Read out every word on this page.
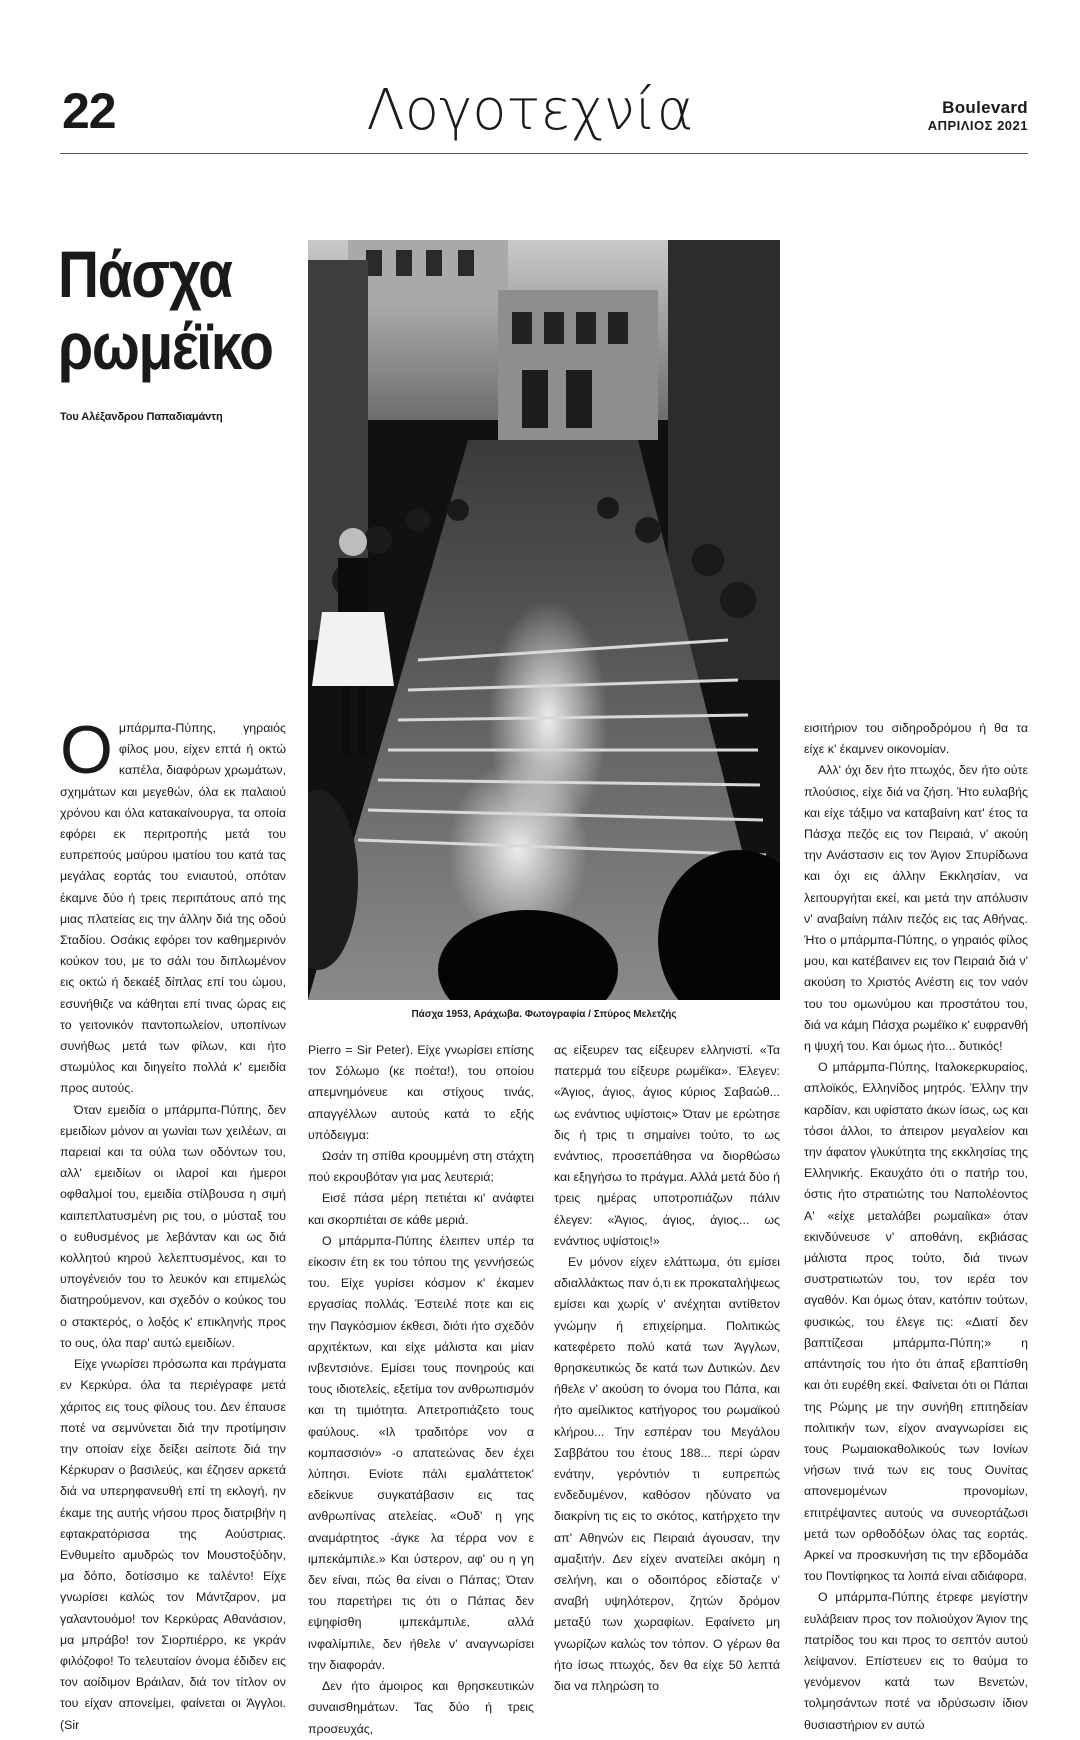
22	Λογοτεχνία	Boulevard
ΑΠΡΙΛΙΟΣ 2021
Πάσχα
ρωμέϊκο
Του Αλέξανδρου Παπαδιαμάντη
Πάσχα 1953, Αράχωβα. Φωτογραφία / Σπύρος Μελετζής
Ο μπάρμπα-Πύπης, γηραιός φίλος μου, είχεν επτά ή οκτώ καπέλα, διαφόρων χρωμάτων, σχημάτων και μεγεθών, όλα εκ παλαιού χρόνου και όλα κατακαίνουργα, τα οποία εφόρει εκ περιτροπής μετά του ευπρεπούς μαύρου ιματίου του κατά τας μεγάλας εορτάς του ενιαυτού, οπόταν έκαμνε δύο ή τρεις περιπάτους από της μιας πλατείας εις την άλλην διά της οδού Σταδίου. Οσάκις εφόρει τον καθημερινόν κούκον του, με το σάλι του διπλωμένον εις οκτώ ή δεκαέξ δίπλας επί του ώμου, εσυνήθιζε να κάθηται επί τινας ώρας εις το γειτονικόν παντοπωλείον, υποπίνων συνήθως μετά των φίλων, και ήτο στωμύλος και διηγείτο πολλά κ' εμειδία προς αυτούς.

Όταν εμειδία ο μπάρμπα-Πύπης, δεν εμειδίων μόνον αι γωνίαι των χειλέων, αι παρειαί και τα ούλα των οδόντων του, αλλ' εμειδίων οι ιλαροί και ήμεροι οφθαλμοί του, εμειδία στίλβουσα η σιμή καιπεπλατυσμένη ρις του, ο μύσταξ του ο ευθυσμένος με λεβάνταν και ως διά κολλητού κηρού λελεπτυσμένος, και το υπογένειόν του το λευκόν και επιμελώς διατηρούμενον, και σχεδόν ο κούκος του ο στακτερός, ο λοξός κ' επικληνής προς το ους, όλα παρ' αυτώ εμειδίων.

Είχε γνωρίσει πρόσωπα και πράγματα εν Κερκύρα. όλα τα περιέγραφε μετά χάριτος εις τους φίλους του. Δεν έπαυσε ποτέ να σεμνύνεται διά την προτίμησιν την οποίαν είχε δείξει αείποτε διά την Κέρκυραν ο βασιλεύς, και έζησεν αρκετά διά να υπερηφανευθή επί τη εκλογή, ην έκαμε της αυτής νήσου προς διατριβήν η εφτακρατόρισσα της Αούστριας. Ενθυμείτο αμυδρώς τον Μουστοξύδην, μα δόπο, δοτίσσιμο κε ταλέντο! Είχε γνωρίσει καλώς τον Μάντζαρον, μα γαλαντουόμο! τον Κερκύρας Αθανάσιον, μα μπράβο! τον Σιορπιέρρο, κε γκράν φιλόζοφο! Το τελευταίον όνομα έδιδεν εις τον αοίδιμον Βράιλαν, διά τον τίτλον ον του είχαν απονείμει, φαίνεται οι Άγγλοι. (Sir

Pierro = Sir Peter). Είχε γνωρίσει επίσης τον Σόλωμο (κε ποέτα!), του οποίου απεμνημόνευε και στίχους τινάς, απαγγέλλων αυτούς κατά το εξής υπόδειγμα:

Ωσάν τη σπίθα κρουμμένη στη στάχτη πού εκρουβόταν για μας λευτεριά;

Εισέ πάσα μέρη πετιέται κι' ανάφτει και σκορπιέται σε κάθε μεριά.

Ο μπάρμπα-Πύπης έλειπεν υπέρ τα είκοσιν έτη εκ του τόπου της γεννήσεώς του. Είχε γυρίσει κόσμον κ' έκαμεν εργασίας πολλάς. Έστειλέ ποτε και εις την Παγκόσμιον έκθεσι, διότι ήτο σχεδόν αρχιτέκτων, και είχε μάλιστα και μίαν ινβεντσιόνε. Εμίσει τους πονηρούς και τους ιδιοτελείς, εξετίμα τον ανθρωπισμόν και τη τιμιότητα. Απετροπιάζετο τους φαύλους. «Ιλ τραδιτόρε νον α κομπασσιόν» -ο απατεώνας δεν έχει λύπησι. Ενίοτε πάλι εμαλάττετοκ' εδείκνυε συγκατάβασιν εις τας ανθρωπίνας ατελείας. «Ουδ' η γης αναμάρτητος -άγκε λα τέρρα νον ε ιμπεκάμπιλε.» Και ύστερον, αφ' ου η γη δεν είναι, πώς θα είναι ο Πάπας; Όταν του παρετήρει τις ότι ο Πάπας δεν εψηφίσθη ιμπεκάμπιλε, αλλά ινφαλίμπιλε, δεν ήθελε ν' αναγνωρίσει την διαφοράν.

Δεν ήτο άμοιρος και θρησκευτικών συναισθημάτων. Τας δύο ή τρεις προσευχάς,

ας είξευρεν τας είξευρεν ελληνιστί. «Τα πατερμά του είξευρε ρωμέϊκα». Έλεγεν: «Άγιος, άγιος, άγιος κύριος Σαβαώθ... ως ενάντιος υψίστοις» Όταν με ερώτησε δις ή τρις τι σημαίνει τούτο, το ως ενάντιος, προσεπάθησα να διορθώσω και εξηγήσω το πράγμα. Αλλά μετά δύο ή τρεις ημέρας υποτροπιάζων πάλιν έλεγεν: «Άγιος, άγιος, άγιος... ως ενάντιος υψίστοις!»

Εν μόνον είχεν ελάττωμα, ότι εμίσει αδιαλλάκτως παν ό,τι εκ προκαταλήψεως εμίσει και χωρίς ν' ανέχηται αντίθετον γνώμην ή επιχείρημα. Πολιτικώς κατεφέρετο πολύ κατά των Άγγλων, θρησκευτικώς δε κατά των Δυτικών. Δεν ήθελε ν' ακούση το όνομα του Πάπα, και ήτο αμείλικτος κατήγορος του ρωμαϊκού κλήρου... Την εσπέραν του Μεγάλου Σαββάτου του έτους 188... περί ώραν ενάτην, γερόντιόν τι ευπρεπώς ενδεδυμένον, καθόσον ηδύνατο να διακρίνη τις εις το σκότος, κατήρχετο την απ' Αθηνών εις Πειραιά άγουσαν, την αμαξιτήν. Δεν είχεν ανατείλει ακόμη η σελήνη, και ο οδοιπόρος εδίσταζε ν' αναβή υψηλότερον, ζητών δρόμον μεταξύ των χωραφίων. Εφαίνετο μη γνωρίζων καλώς τον τόπον. Ο γέρων θα ήτο ίσως πτωχός, δεν θα είχε 50 λεπτά δια να πληρώση το

εισιτήριον του σιδηροδρόμου ή θα τα είχε κ' έκαμνεν οικονομίαν.

Αλλ' όχι δεν ήτο πτωχός, δεν ήτο ούτε πλούσιος, είχε διά να ζήση. Ήτο ευλαβής και είχε τάξιμο να καταβαίνη κατ' έτος τα Πάσχα πεζός εις τον Πειραιά, ν' ακούη την Ανάστασιν εις τον Άγιον Σπυρίδωνα και όχι εις άλλην Εκκλησίαν, να λειτουργήται εκεί, και μετά την απόλυσιν ν' αναβαίνη πάλιν πεζός εις τας Αθήνας. Ήτο ο μπάρμπα-Πύπης, ο γηραιός φίλος μου, και κατέβαινεν εις τον Πειραιά διά ν' ακούση το Χριστός Ανέστη εις τον ναόν του του ομωνύμου και προστάτου του, διά να κάμη Πάσχα ρωμέϊκο κ' ευφρανθή η ψυχή του. Και όμως ήτο... δυτικός!

Ο μπάρμπα-Πύπης, Ιταλοκερκυραίος, απλοϊκός, Ελληνίδος μητρός. Έλλην την καρδίαν, και υφίστατο άκων ίσως, ως και τόσοι άλλοι, το άπειρον μεγαλείον και την άφατον γλυκύτητα της εκκλησίας της Ελληνικής. Εκαυχάτο ότι ο πατήρ του, όστις ήτο στρατιώτης του Ναπολέοντος Α' «είχε μεταλάβει ρωμαίϊκα» όταν εκινδύνευσε ν' αποθάνη, εκβιάσας μάλιστα προς τούτο, διά τινων συστρατιωτών του, τον ιερέα τον αγαθόν. Και όμως όταν, κατόπιν τούτων, φυσικώς, του έλεγε τις: «Διατί δεν βαπτίζεσαι μπάρμπα-Πύπη;» η απάντησίς του ήτο ότι άπαξ εβαπτίσθη και ότι ευρέθη εκεί. Φαίνεται ότι οι Πάπαι της Ρώμης με την συνήθη επιτηδείαν πολιτικήν των, είχον αναγνωρίσει εις τους Ρωμαιοκαθολικούς των Ιονίων νήσων τινά των εις τους Ουνίτας απονεμομένων προνομίων, επιτρέψαντες αυτούς να συνεορτάζωσι μετά των ορθοδόξων όλας τας εορτάς. Αρκεί να προσκυνήση τις την εβδομάδα του Ποντίφηκος τα λοιπά είναι αδιάφορα.

Ο μπάρμπα-Πύπης έτρεφε μεγίστην ευλάβειαν προς τον πολιούχον Άγιον της πατρίδος του και προς το σεπτόν αυτού λείψανον. Επίστευεν εις το θαύμα το γενόμενον κατά των Βενετών, τολμησάντων ποτέ να ιδρύσωσιν ίδιον θυσιαστήριον εν αυτώ
